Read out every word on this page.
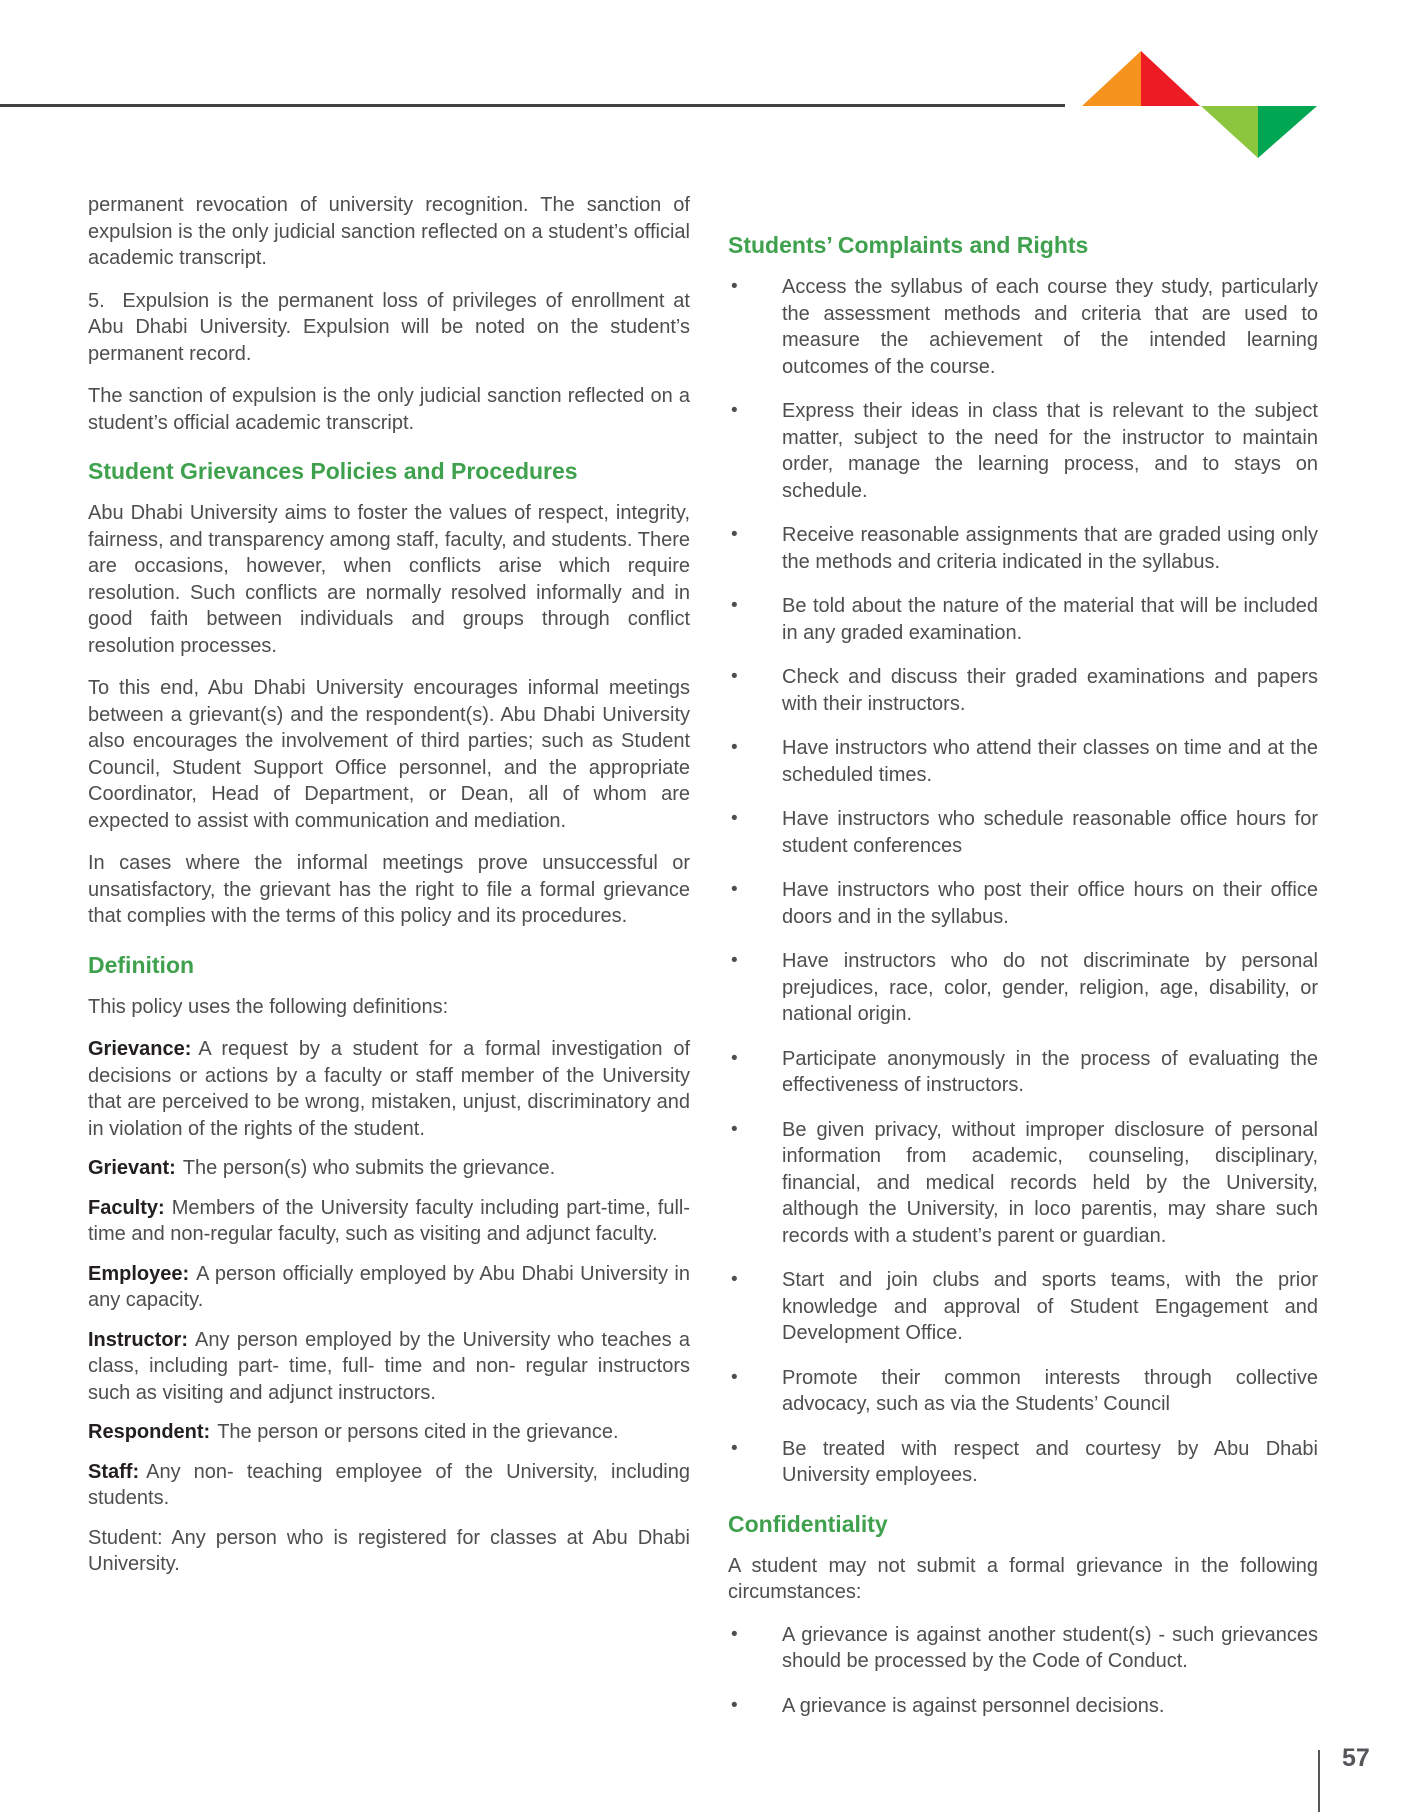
permanent revocation of university recognition. The sanction of expulsion is the only judicial sanction reflected on a student’s official academic transcript.

5.  Expulsion is the permanent loss of privileges of enrollment at Abu Dhabi University. Expulsion will be noted on the student’s permanent record.

The sanction of expulsion is the only judicial sanction reflected on a student’s official academic transcript.

Student Grievances Policies and Procedures

Abu Dhabi University aims to foster the values of respect, integrity, fairness, and transparency among staff, faculty, and students. There are occasions, however, when conflicts arise which require resolution. Such conflicts are normally resolved informally and in good faith between individuals and groups through conflict resolution processes.

To this end, Abu Dhabi University encourages informal meetings between a grievant(s) and the respondent(s). Abu Dhabi University also encourages the involvement of third parties; such as Student Council, Student Support Office personnel, and the appropriate Coordinator, Head of Department, or Dean, all of whom are expected to assist with communication and mediation.

In cases where the informal meetings prove unsuccessful or unsatisfactory, the grievant has the right to file a formal grievance that complies with the terms of this policy and its procedures.

Definition

This policy uses the following definitions:

Grievance: A request by a student for a formal investigation of decisions or actions by a faculty or staff member of the University that are perceived to be wrong, mistaken, unjust, discriminatory and in violation of the rights of the student.

Grievant: The person(s) who submits the grievance.

Faculty: Members of the University faculty including part-time, full-time and non-regular faculty, such as visiting and adjunct faculty.

Employee: A person officially employed by Abu Dhabi University in any capacity.

Instructor: Any person employed by the University who teaches a class, including part- time, full- time and non- regular instructors such as visiting and adjunct instructors.

Respondent: The person or persons cited in the grievance.

Staff: Any non- teaching employee of the University, including students.

Student: Any person who is registered for classes at Abu Dhabi University.

Students’ Complaints and Rights
•	Access the syllabus of each course they study, particularly the assessment methods and criteria that are used to measure the achievement of the intended learning outcomes of the course.
•	Express their ideas in class that is relevant to the subject matter, subject to the need for the instructor to maintain order, manage the learning process, and to stays on schedule.
•	Receive reasonable assignments that are graded using only the methods and criteria indicated in the syllabus.
•	Be told about the nature of the material that will be included in any graded examination.
•	Check and discuss their graded examinations and papers with their instructors.
•	Have instructors who attend their classes on time and at the scheduled times.
•	Have instructors who schedule reasonable office hours for student conferences
•	Have instructors who post their office hours on their office doors and in the syllabus.
•	Have instructors who do not discriminate by personal prejudices, race, color, gender, religion, age, disability, or national origin.
•	Participate anonymously in the process of evaluating the effectiveness of instructors.
•	Be given privacy, without improper disclosure of personal information from academic, counseling, disciplinary, financial, and medical records held by the University, although the University, in loco parentis, may share such records with a student’s parent or guardian.
•	Start and join clubs and sports teams, with the prior knowledge and approval of Student Engagement and Development Office.
•	Promote their common interests through collective advocacy, such as via the Students’ Council
•	Be treated with respect and courtesy by Abu Dhabi University employees.
Confidentiality

A student may not submit a formal grievance in the following circumstances:

•	A grievance is against another student(s) - such grievances should be processed by the Code of Conduct.
•	A grievance is against personnel decisions.
57
